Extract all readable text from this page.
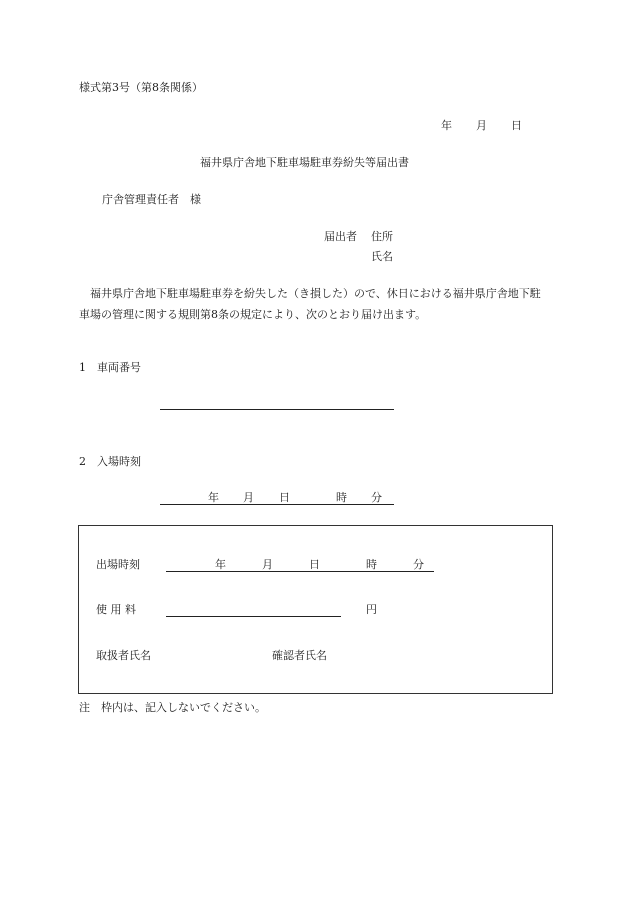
様式第3号（第8条関係）
年 月 日
福井県庁舎地下駐車場駐車券紛失等届出書
庁舎管理責任者　様
届出者 住所
氏名
福井県庁舎地下駐車場駐車券を紛失した（き損した）ので、休日における福井県庁舎地下駐車場の管理に関する規則第8条の規定により、次のとおり届け出ます。
1 車両番号
2 入場時刻
年 月 日	時 分
出場時刻	年	月	日	時	分
使 用 料	円
取扱者氏名	確認者氏名
注　枠内は、記入しないでください。
